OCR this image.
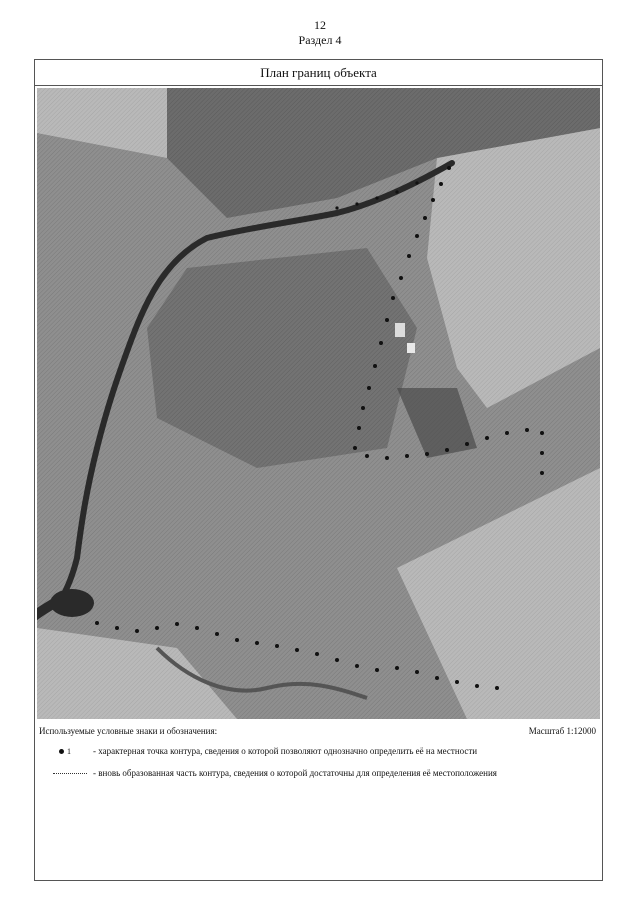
12
Раздел 4
План границ объекта
Используемые условные знаки и обозначения:	Масштаб 1:12000
1 - характерная точка контура, сведения о которой позволяют однозначно определить её на местности
- вновь образованная часть контура, сведения о которой достаточны для определения её местоположения
